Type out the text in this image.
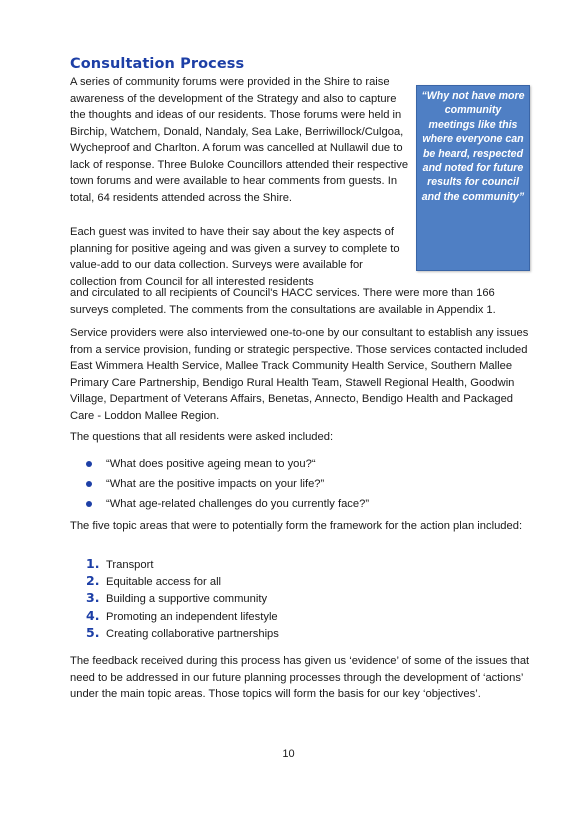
Consultation Process

A series of community forums were provided in the Shire to raise awareness of the development of the Strategy and also to capture the thoughts and ideas of our residents. Those forums were held in Birchip, Watchem, Donald, Nandaly, Sea Lake, Berriwillock/Culgoa, Wycheproof and Charlton. A forum was cancelled at Nullawil due to lack of response. Three Buloke Councillors attended their respective town forums and were available to hear comments from guests. In total, 64 residents attended across the Shire.

Each guest was invited to have their say about the key aspects of planning for positive ageing and was given a survey to complete to value-add to our data collection. Surveys were available for collection from Council for all interested residents

and circulated to all recipients of Council's HACC services. There were more than 166 surveys completed. The comments from the consultations are available in Appendix 1.

“Why not have more community meetings like this where everyone can be heard, respected and noted for future results for council and the community”

Service providers were also interviewed one-to-one by our consultant to establish any issues from a service provision, funding or strategic perspective. Those services contacted included East Wimmera Health Service, Mallee Track Community Health Service, Southern Mallee Primary Care Partnership, Bendigo Rural Health Team, Stawell Regional Health, Goodwin Village, Department of Veterans Affairs, Benetas, Annecto, Bendigo Health and Packaged Care - Loddon Mallee Region.

The questions that all residents were asked included:

“What does positive ageing mean to you?“
“What are the positive impacts on your life?”
“What age-related challenges do you currently face?”

The five topic areas that were to potentially form the framework for the action plan included:

1. Transport
2. Equitable access for all
3. Building a supportive community
4. Promoting an independent lifestyle
5. Creating collaborative partnerships

The feedback received during this process has given us ‘evidence’ of some of the issues that need to be addressed in our future planning processes through the development of ‘actions’ under the main topic areas. Those topics will form the basis for our key ‘objectives’.

10
